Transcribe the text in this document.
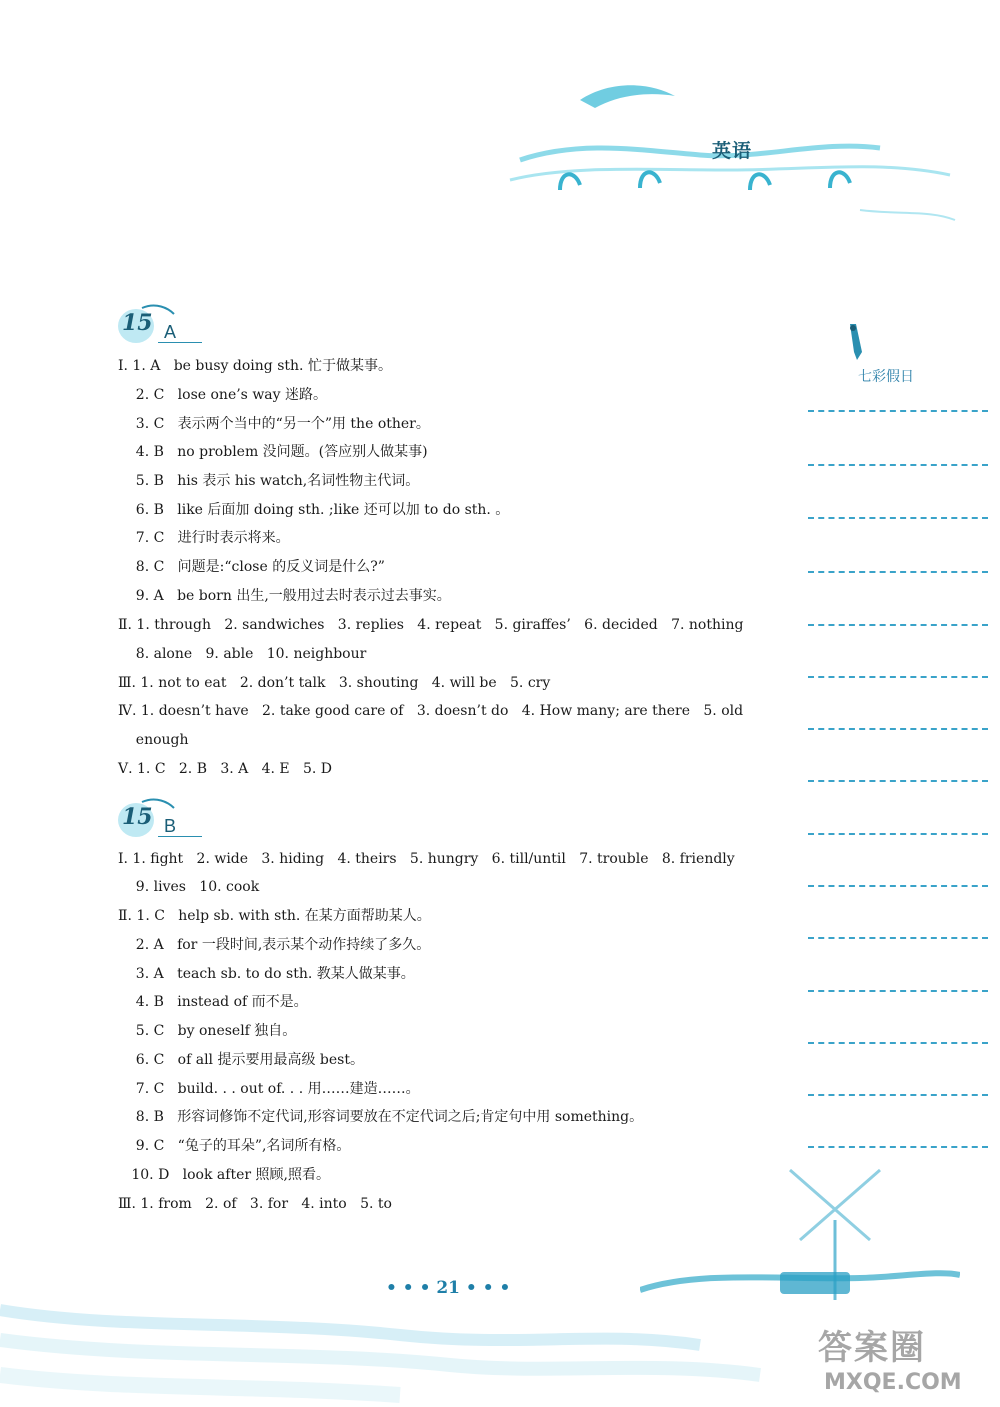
英语
七彩假日
15 A
Ⅰ. 1. A   be busy doing sth. 忙于做某事。
2. C   lose one’s way 迷路。
3. C   表示两个当中的“另一个”用 the other。
4. B   no problem 没问题。(答应别人做某事)
5. B   his 表示 his watch,名词性物主代词。
6. B   like 后面加 doing sth. ;like 还可以加 to do sth. 。
7. C   进行时表示将来。
8. C   问题是:“close 的反义词是什么?”
9. A   be born 出生,一般用过去时表示过去事实。
Ⅱ. 1. through   2. sandwiches   3. replies   4. repeat   5. giraffes’   6. decided   7. nothing
8. alone   9. able   10. neighbour
Ⅲ. 1. not to eat   2. don’t talk   3. shouting   4. will be   5. cry
Ⅳ. 1. doesn’t have   2. take good care of   3. doesn’t do   4. How many; are there   5. old
enough
Ⅴ. 1. C   2. B   3. A   4. E   5. D
15 B
Ⅰ. 1. fight   2. wide   3. hiding   4. theirs   5. hungry   6. till/until   7. trouble   8. friendly
9. lives   10. cook
Ⅱ. 1. C   help sb. with sth. 在某方面帮助某人。
2. A   for 一段时间,表示某个动作持续了多久。
3. A   teach sb. to do sth. 教某人做某事。
4. B   instead of 而不是。
5. C   by oneself 独自。
6. C   of all 提示要用最高级 best。
7. C   build. . . out of. . . 用……建造……。
8. B   形容词修饰不定代词,形容词要放在不定代词之后;肯定句中用 something。
9. C   “兔子的耳朵”,名词所有格。
10. D   look after 照顾,照看。
Ⅲ. 1. from   2. of   3. for   4. into   5. to
• • • 21 • • •
答案圈
MXQE.COM
